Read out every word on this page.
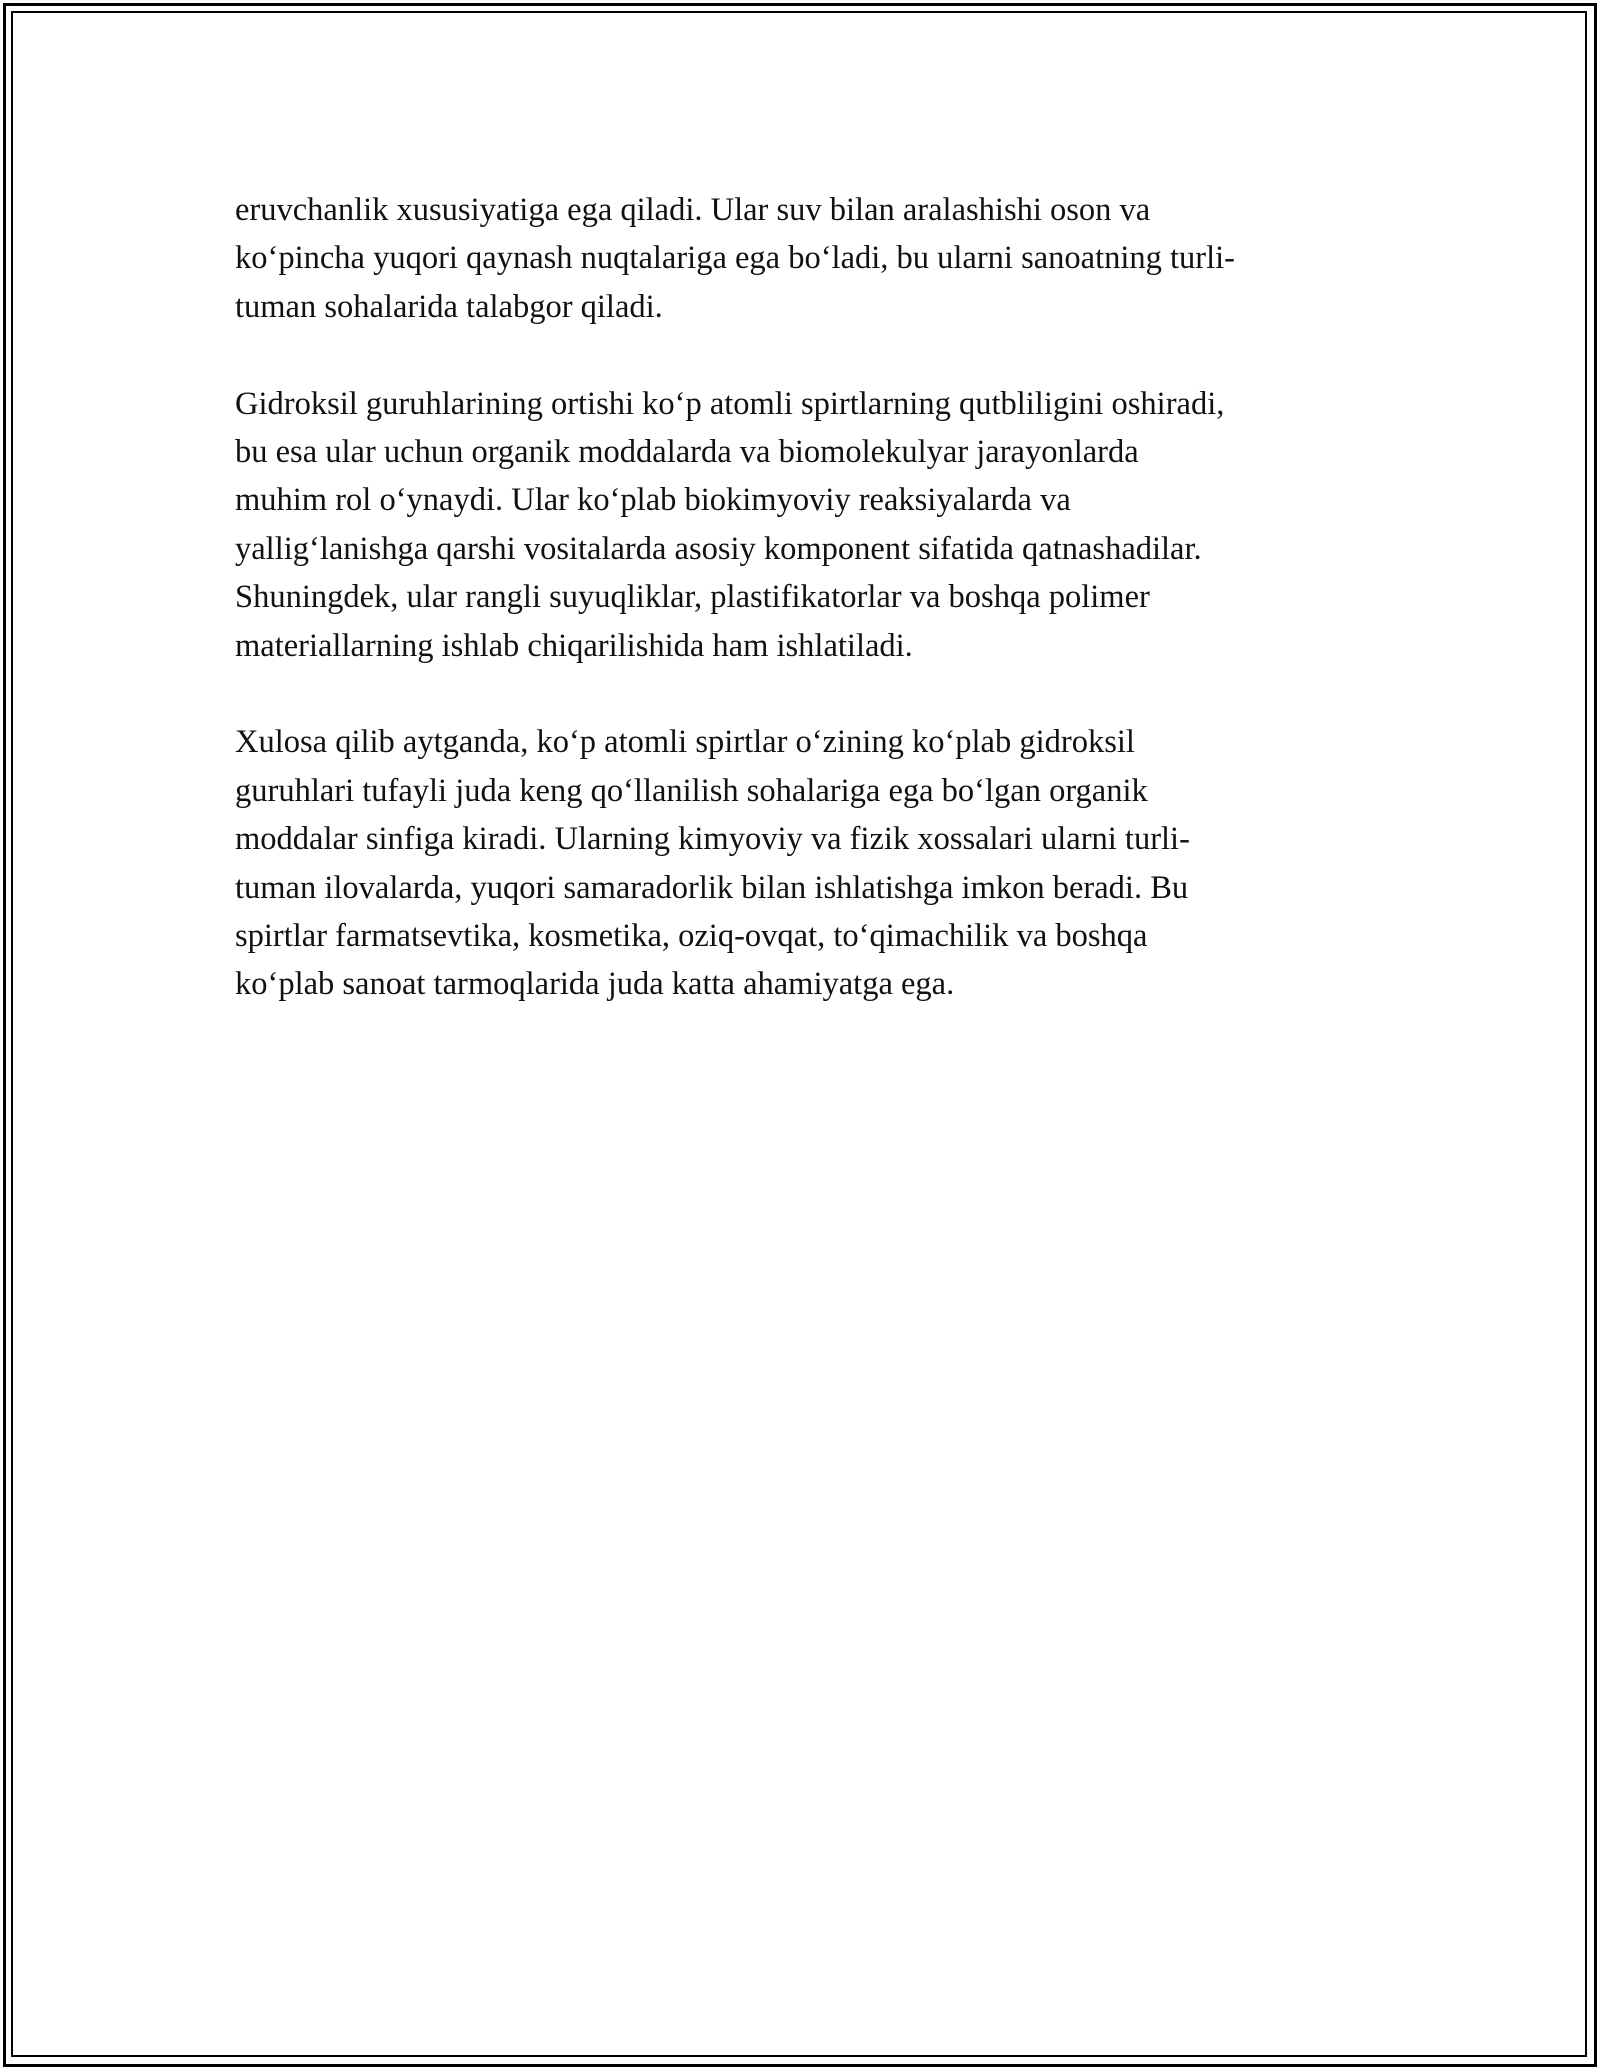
eruvchanlik xususiyatiga ega qiladi. Ular suv bilan aralashishi oson va
ko‘pincha yuqori qaynash nuqtalariga ega bo‘ladi, bu ularni sanoatning turli-
tuman sohalarida talabgor qiladi.

Gidroksil guruhlarining ortishi ko‘p atomli spirtlarning qutbliligini oshiradi,
bu esa ular uchun organik moddalarda va biomolekulyar jarayonlarda
muhim rol o‘ynaydi. Ular ko‘plab biokimyoviy reaksiyalarda va
yallig‘lanishga qarshi vositalarda asosiy komponent sifatida qatnashadilar.
Shuningdek, ular rangli suyuqliklar, plastifikatorlar va boshqa polimer
materiallarning ishlab chiqarilishida ham ishlatiladi.

Xulosa qilib aytganda, ko‘p atomli spirtlar o‘zining ko‘plab gidroksil
guruhlari tufayli juda keng qo‘llanilish sohalariga ega bo‘lgan organik
moddalar sinfiga kiradi. Ularning kimyoviy va fizik xossalari ularni turli-
tuman ilovalarda, yuqori samaradorlik bilan ishlatishga imkon beradi. Bu
spirtlar farmatsevtika, kosmetika, oziq-ovqat, to‘qimachilik va boshqa
ko‘plab sanoat tarmoqlarida juda katta ahamiyatga ega.
